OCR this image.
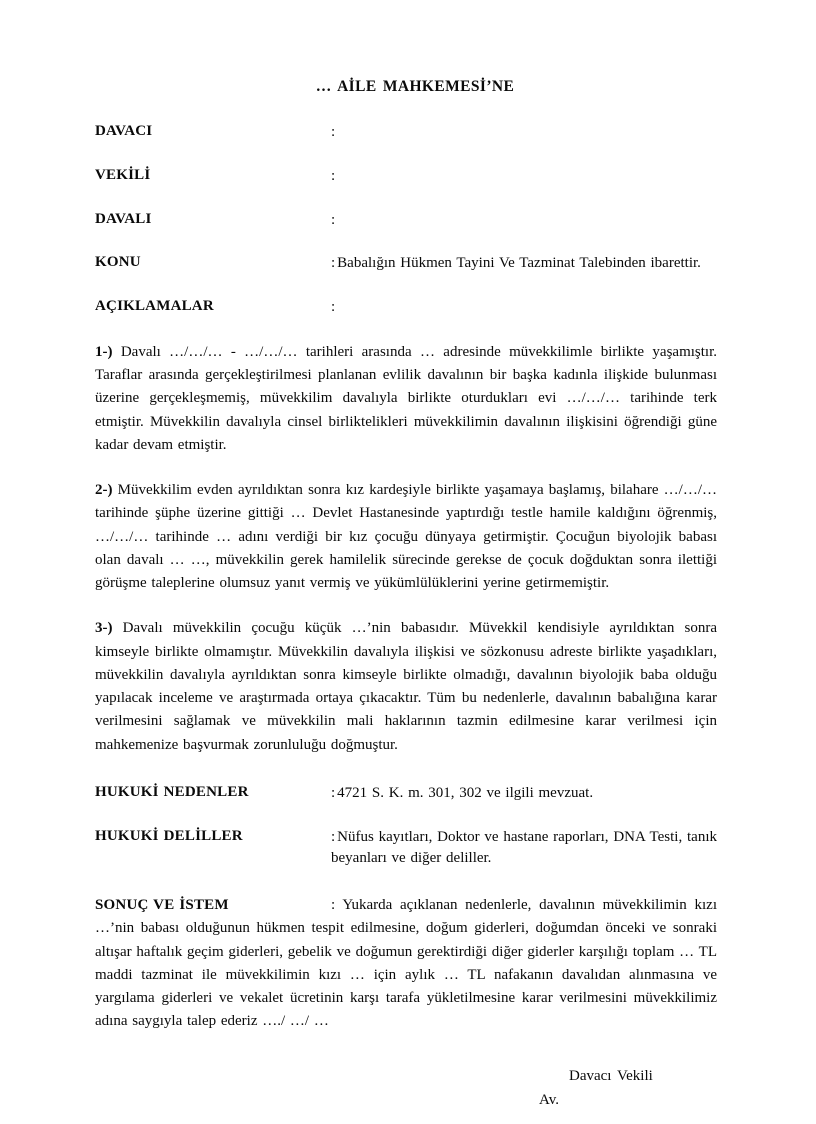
… AİLE MAHKEMESİ’NE
DAVACI	:
VEKİLİ	:
DAVALI	:
KONU	: Babalığın Hükmen Tayini Ve Tazminat Talebinden ibarettir.
AÇIKLAMALAR	:

1-) Davalı …/…/… - …/…/… tarihleri arasında … adresinde müvekkilimle birlikte yaşamıştır. Taraflar arasında gerçekleştirilmesi planlanan evlilik davalının bir başka kadınla ilişkide bulunması üzerine gerçekleşmemiş, müvekkilim davalıyla birlikte oturdukları evi …/…/… tarihinde terk etmiştir. Müvekkilin davalıyla cinsel birliktelikleri müvekkilimin davalının ilişkisini öğrendiği güne kadar devam etmiştir.

2-) Müvekkilim evden ayrıldıktan sonra kız kardeşiyle birlikte yaşamaya başlamış, bilahare …/…/… tarihinde şüphe üzerine gittiği … Devlet Hastanesinde yaptırdığı testle hamile kaldığını öğrenmiş, …/…/… tarihinde … adını verdiği bir kız çocuğu dünyaya getirmiştir. Çocuğun biyolojik babası olan davalı … …, müvekkilin gerek hamilelik sürecinde gerekse de çocuk doğduktan sonra ilettiği görüşme taleplerine olumsuz yanıt vermiş ve yükümlülüklerini yerine getirmemiştir.

3-) Davalı müvekkilin çocuğu küçük …’nin babasıdır. Müvekkil kendisiyle ayrıldıktan sonra kimseyle birlikte olmamıştır. Müvekkilin davalıyla ilişkisi ve sözkonusu adreste birlikte yaşadıkları, müvekkilin davalıyla ayrıldıktan sonra kimseyle birlikte olmadığı, davalının biyolojik baba olduğu yapılacak inceleme ve araştırmada ortaya çıkacaktır. Tüm bu nedenlerle, davalının babalığına karar verilmesini sağlamak ve müvekkilin mali haklarının tazmin edilmesine karar verilmesi için mahkemenize başvurmak zorunluluğu doğmuştur.

HUKUKİ NEDENLER	: 4721 S. K. m. 301, 302 ve ilgili mevzuat.
HUKUKİ DELİLLER	: Nüfus kayıtları, Doktor ve hastane raporları, DNA Testi, tanık beyanları ve diğer deliller.

SONUÇ VE İSTEM	: Yukarda açıklanan nedenlerle, davalının müvekkilimin kızı …’nin babası olduğunun hükmen tespit edilmesine, doğum giderleri, doğumdan önceki ve sonraki altışar haftalık geçim giderleri, gebelik ve doğumun gerektirdiği diğer giderler karşılığı toplam … TL maddi tazminat ile müvekkilimin kızı … için aylık … TL nafakanın davalıdan alınmasına ve yargılama giderleri ve vekalet ücretinin karşı tarafa yükletilmesine karar verilmesini müvekkilimiz adına saygıyla talep ederiz …./ …/ …

Davacı Vekili
Av.
